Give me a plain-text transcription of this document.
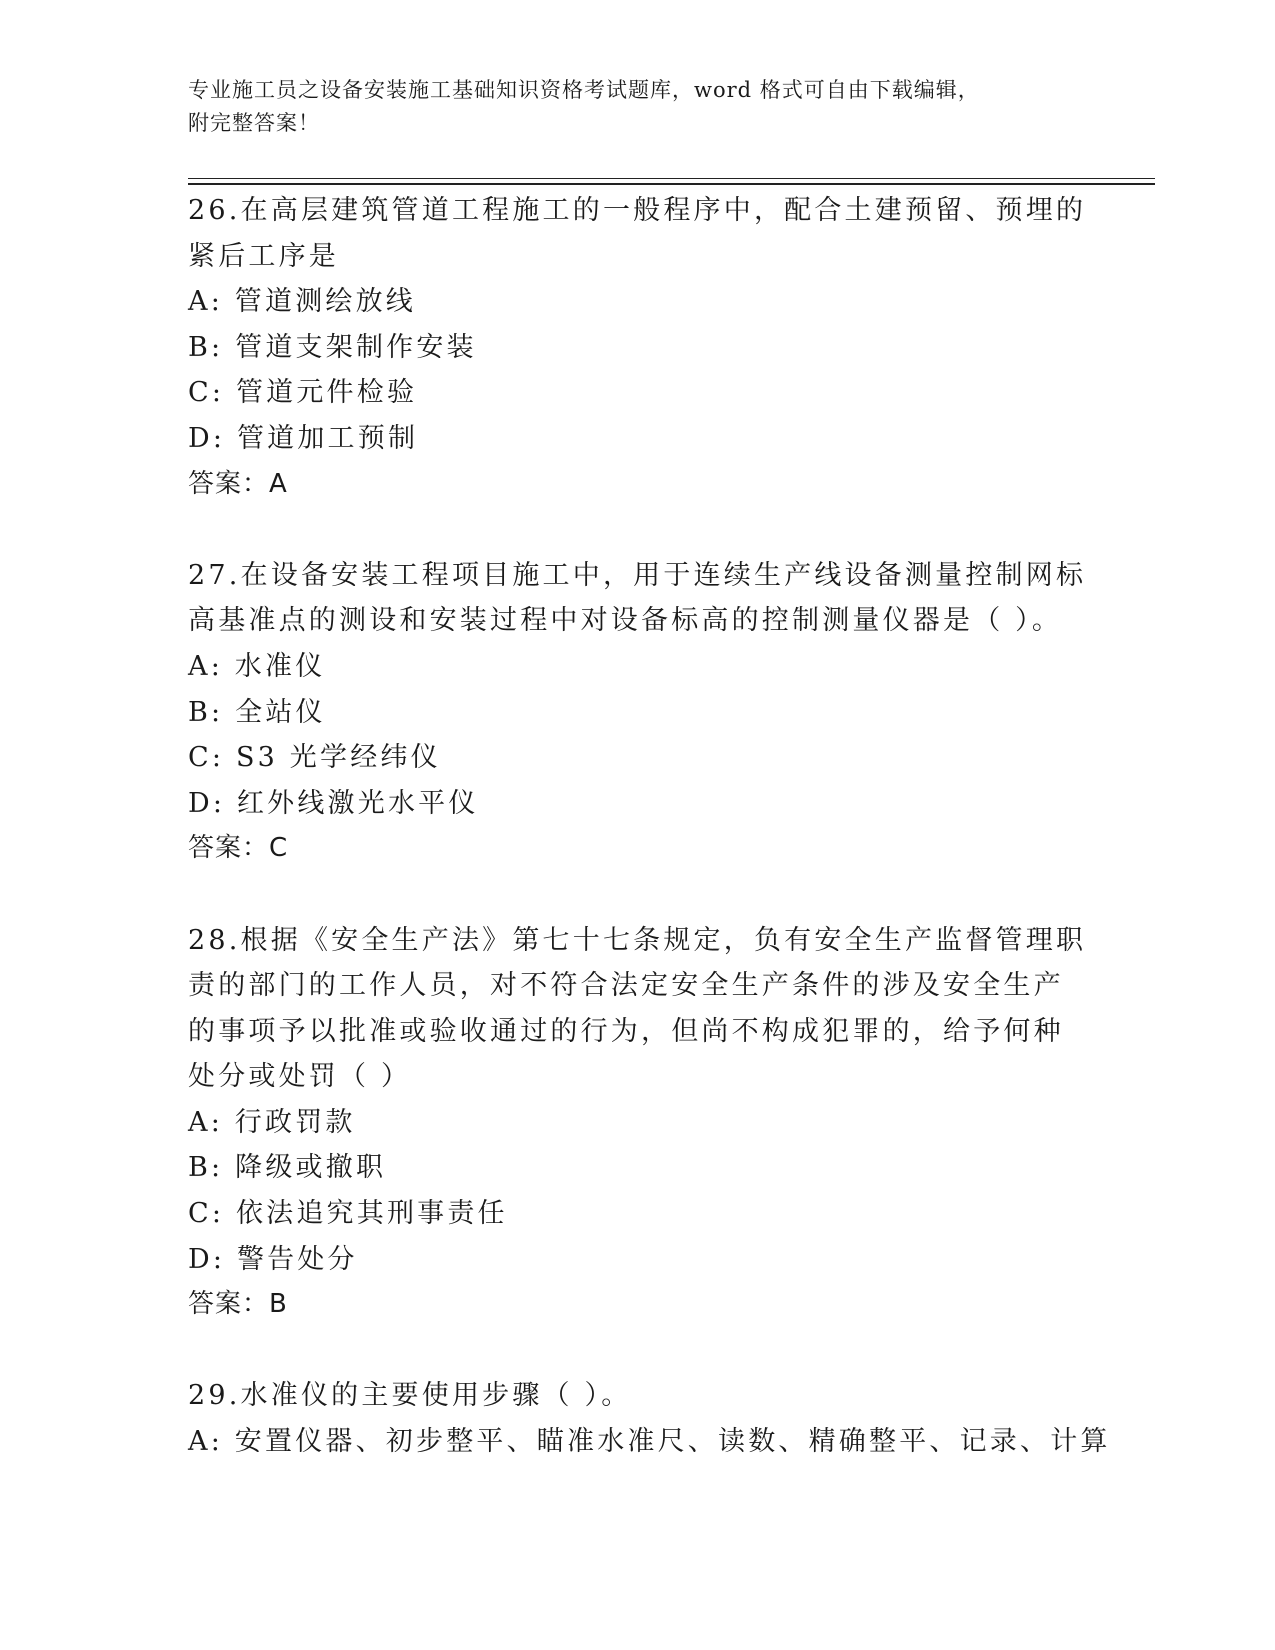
专业施工员之设备安装施工基础知识资格考试题库，word 格式可自由下载编辑，
附完整答案！

26.在高层建筑管道工程施工的一般程序中，配合土建预留、预埋的紧后工序是

A: 管道测绘放线

B: 管道支架制作安装

C: 管道元件检验

D: 管道加工预制

答案：A

27.在设备安装工程项目施工中，用于连续生产线设备测量控制网标高基准点的测设和安装过程中对设备标高的控制测量仪器是（ ）。

A: 水准仪

B: 全站仪

C: S3 光学经纬仪

D: 红外线激光水平仪

答案：C

28.根据《安全生产法》第七十七条规定，负有安全生产监督管理职责的部门的工作人员，对不符合法定安全生产条件的涉及安全生产的事项予以批准或验收通过的行为，但尚不构成犯罪的，给予何种处分或处罚（ ）

A: 行政罚款

B: 降级或撤职

C: 依法追究其刑事责任

D: 警告处分

答案：B

29.水准仪的主要使用步骤（ ）。

A: 安置仪器、初步整平、瞄准水准尺、读数、精确整平、记录、计算
